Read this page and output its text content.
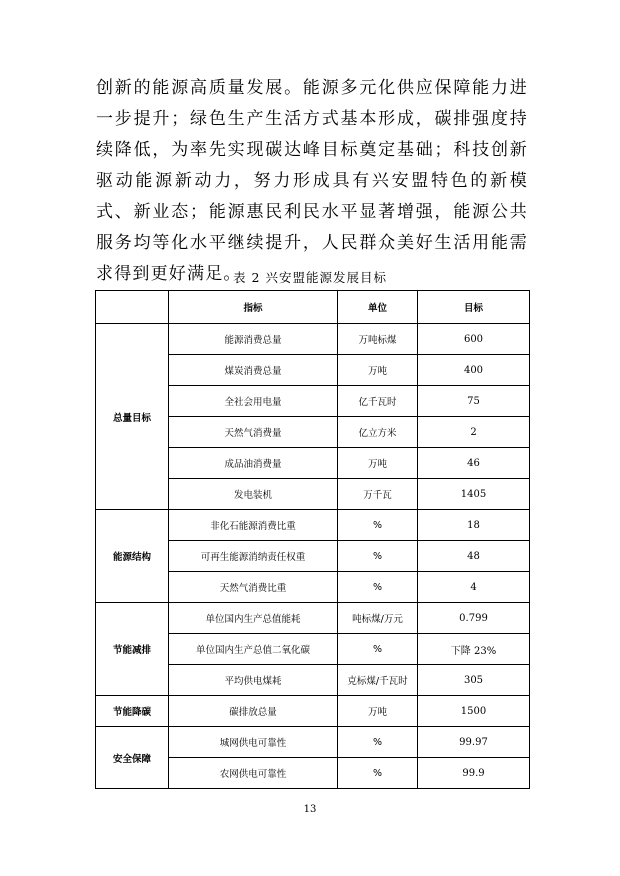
创新的能源高质量发展。能源多元化供应保障能力进一步提升；绿色生产生活方式基本形成，碳排强度持续降低，为率先实现碳达峰目标奠定基础；科技创新驱动能源新动力，努力形成具有兴安盟特色的新模式、新业态；能源惠民利民水平显著增强，能源公共服务均等化水平继续提升，人民群众美好生活用能需求得到更好满足。

表 2 兴安盟能源发展目标

	指标	单位	目标
总量目标	能源消费总量	万吨标煤	600
	煤炭消费总量	万吨	400
	全社会用电量	亿千瓦时	75
	天然气消费量	亿立方米	2
	成品油消费量	万吨	46
	发电装机	万千瓦	1405
能源结构	非化石能源消费比重	%	18
	可再生能源消纳责任权重	%	48
	天然气消费比重	%	4
节能减排	单位国内生产总值能耗	吨标煤/万元	0.799
	单位国内生产总值二氧化碳	%	下降 23%
	平均供电煤耗	克标煤/千瓦时	305
节能降碳	碳排放总量	万吨	1500
安全保障	城网供电可靠性	%	99.97
	农网供电可靠性	%	99.9

13
